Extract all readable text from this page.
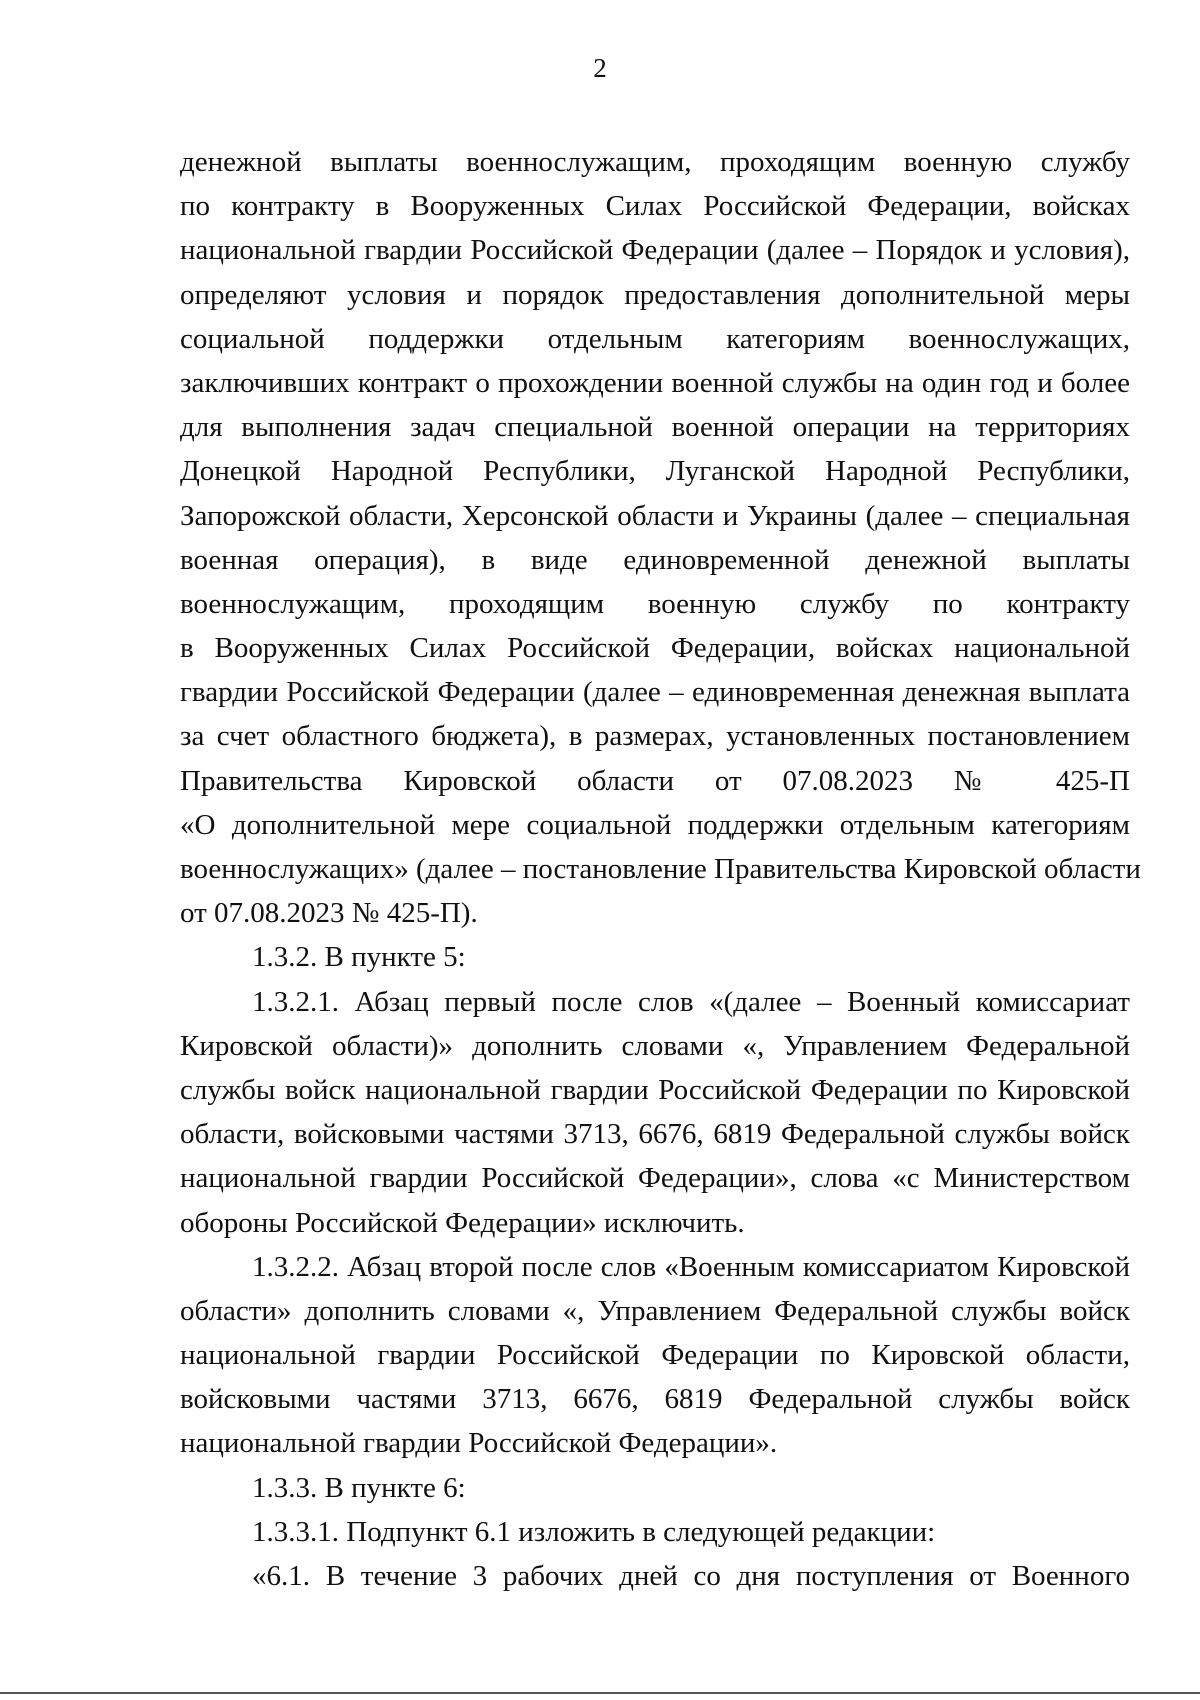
2
денежной выплаты военнослужащим, проходящим военную службу
по контракту в Вооруженных Силах Российской Федерации, войсках
национальной гвардии Российской Федерации (далее – Порядок и условия),
определяют условия и порядок предоставления дополнительной меры
социальной поддержки отдельным категориям военнослужащих,
заключивших контракт о прохождении военной службы на один год и более
для выполнения задач специальной военной операции на территориях
Донецкой Народной Республики, Луганской Народной Республики,
Запорожской области, Херсонской области и Украины (далее – специальная
военная операция), в виде единовременной денежной выплаты
военнослужащим, проходящим военную службу по контракту
в Вооруженных Силах Российской Федерации, войсках национальной
гвардии Российской Федерации (далее – единовременная денежная выплата
за счет областного бюджета), в размерах, установленных постановлением
Правительства Кировской области от 07.08.2023 № 425-П
«О дополнительной мере социальной поддержки отдельным категориям
военнослужащих» (далее – постановление Правительства Кировской области
от 07.08.2023 № 425-П).
1.3.2. В пункте 5:
1.3.2.1. Абзац первый после слов «(далее – Военный комиссариат
Кировской области)» дополнить словами «, Управлением Федеральной
службы войск национальной гвардии Российской Федерации по Кировской
области, войсковыми частями 3713, 6676, 6819 Федеральной службы войск
национальной гвардии Российской Федерации», слова «с Министерством
обороны Российской Федерации» исключить.
1.3.2.2. Абзац второй после слов «Военным комиссариатом Кировской
области» дополнить словами «, Управлением Федеральной службы войск
национальной гвардии Российской Федерации по Кировской области,
войсковыми частями 3713, 6676, 6819 Федеральной службы войск
национальной гвардии Российской Федерации».
1.3.3. В пункте 6:
1.3.3.1. Подпункт 6.1 изложить в следующей редакции:
«6.1. В течение 3 рабочих дней со дня поступления от Военного
